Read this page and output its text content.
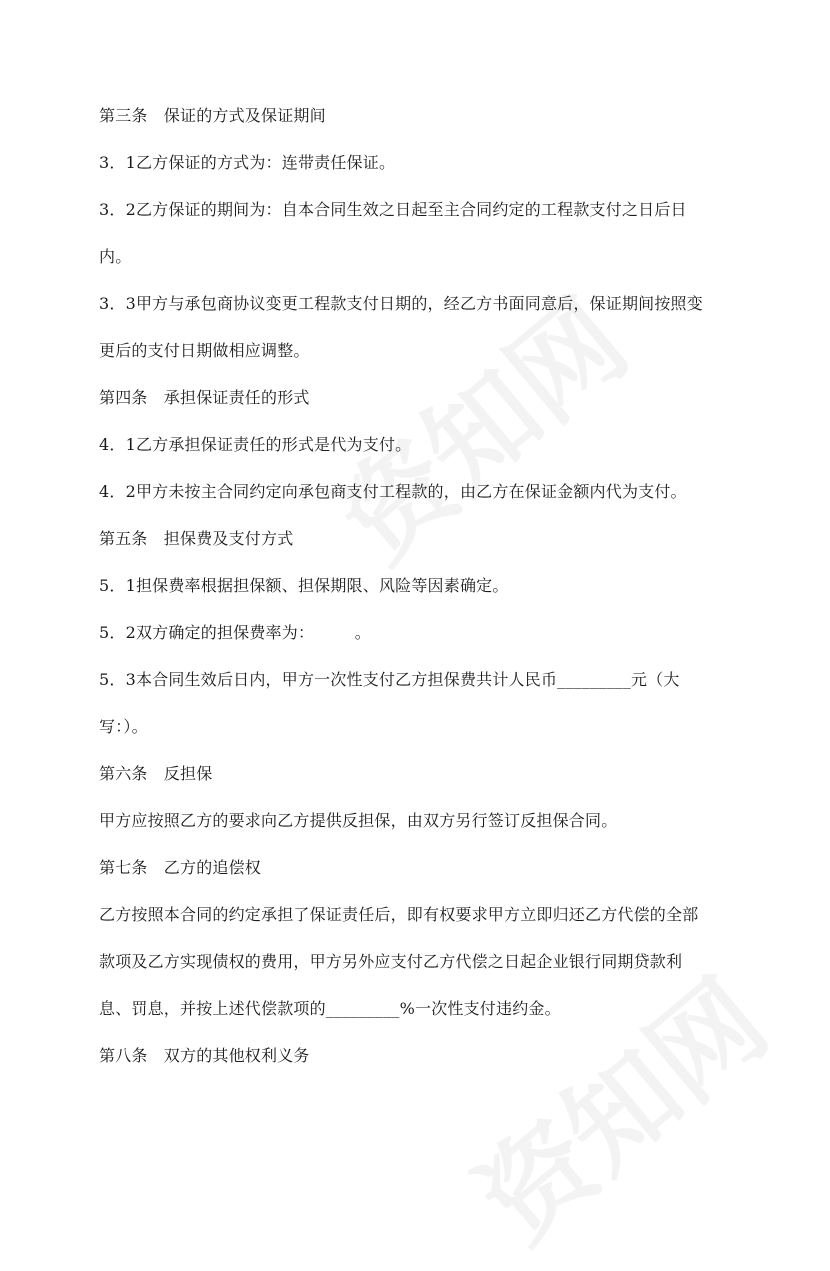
第三条　保证的方式及保证期间
3．1乙方保证的方式为：连带责任保证。
3．2乙方保证的期间为：自本合同生效之日起至主合同约定的工程款支付之日后日
内。
3．3甲方与承包商协议变更工程款支付日期的，经乙方书面同意后，保证期间按照变
更后的支付日期做相应调整。
第四条　承担保证责任的形式
4．1乙方承担保证责任的形式是代为支付。
4．2甲方未按主合同约定向承包商支付工程款的，由乙方在保证金额内代为支付。
第五条　担保费及支付方式
5．1担保费率根据担保额、担保期限、风险等因素确定。
5．2双方确定的担保费率为：　　　。
5．3本合同生效后日内，甲方一次性支付乙方担保费共计人民币_________元（大
写：）。
第六条　反担保
甲方应按照乙方的要求向乙方提供反担保，由双方另行签订反担保合同。
第七条　乙方的追偿权
乙方按照本合同的约定承担了保证责任后，即有权要求甲方立即归还乙方代偿的全部
款项及乙方实现债权的费用，甲方另外应支付乙方代偿之日起企业银行同期贷款利
息、罚息，并按上述代偿款项的_________%一次性支付违约金。
第八条　双方的其他权利义务
